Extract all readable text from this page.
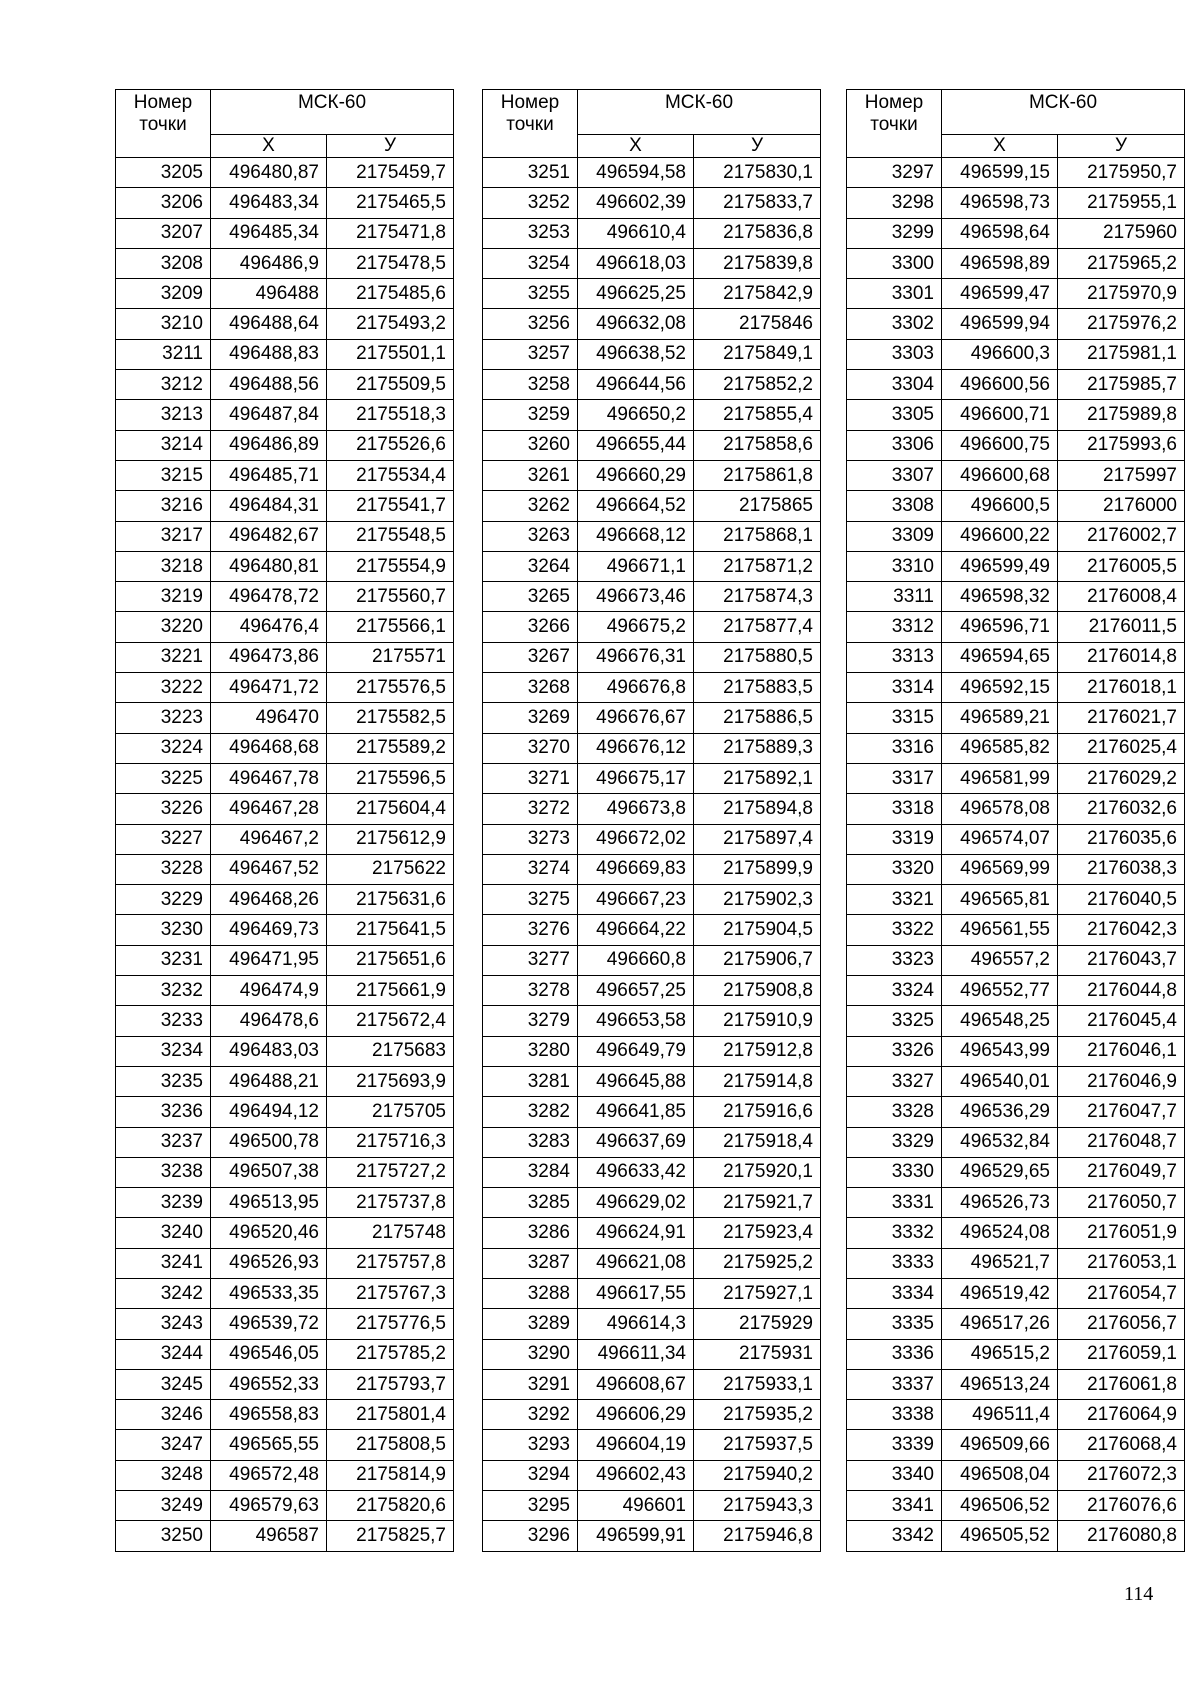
Номер точки	МСК-60	
	Х	У
3205	496480,87	2175459,7
3206	496483,34	2175465,5
3207	496485,34	2175471,8
3208	496486,9	2175478,5
3209	496488	2175485,6
3210	496488,64	2175493,2
3211	496488,83	2175501,1
3212	496488,56	2175509,5
3213	496487,84	2175518,3
3214	496486,89	2175526,6
3215	496485,71	2175534,4
3216	496484,31	2175541,7
3217	496482,67	2175548,5
3218	496480,81	2175554,9
3219	496478,72	2175560,7
3220	496476,4	2175566,1
3221	496473,86	2175571
3222	496471,72	2175576,5
3223	496470	2175582,5
3224	496468,68	2175589,2
3225	496467,78	2175596,5
3226	496467,28	2175604,4
3227	496467,2	2175612,9
3228	496467,52	2175622
3229	496468,26	2175631,6
3230	496469,73	2175641,5
3231	496471,95	2175651,6
3232	496474,9	2175661,9
3233	496478,6	2175672,4
3234	496483,03	2175683
3235	496488,21	2175693,9
3236	496494,12	2175705
3237	496500,78	2175716,3
3238	496507,38	2175727,2
3239	496513,95	2175737,8
3240	496520,46	2175748
3241	496526,93	2175757,8
3242	496533,35	2175767,3
3243	496539,72	2175776,5
3244	496546,05	2175785,2
3245	496552,33	2175793,7
3246	496558,83	2175801,4
3247	496565,55	2175808,5
3248	496572,48	2175814,9
3249	496579,63	2175820,6
3250	496587	2175825,7
Номер точки	МСК-60	
	Х	У
3251	496594,58	2175830,1
3252	496602,39	2175833,7
3253	496610,4	2175836,8
3254	496618,03	2175839,8
3255	496625,25	2175842,9
3256	496632,08	2175846
3257	496638,52	2175849,1
3258	496644,56	2175852,2
3259	496650,2	2175855,4
3260	496655,44	2175858,6
3261	496660,29	2175861,8
3262	496664,52	2175865
3263	496668,12	2175868,1
3264	496671,1	2175871,2
3265	496673,46	2175874,3
3266	496675,2	2175877,4
3267	496676,31	2175880,5
3268	496676,8	2175883,5
3269	496676,67	2175886,5
3270	496676,12	2175889,3
3271	496675,17	2175892,1
3272	496673,8	2175894,8
3273	496672,02	2175897,4
3274	496669,83	2175899,9
3275	496667,23	2175902,3
3276	496664,22	2175904,5
3277	496660,8	2175906,7
3278	496657,25	2175908,8
3279	496653,58	2175910,9
3280	496649,79	2175912,8
3281	496645,88	2175914,8
3282	496641,85	2175916,6
3283	496637,69	2175918,4
3284	496633,42	2175920,1
3285	496629,02	2175921,7
3286	496624,91	2175923,4
3287	496621,08	2175925,2
3288	496617,55	2175927,1
3289	496614,3	2175929
3290	496611,34	2175931
3291	496608,67	2175933,1
3292	496606,29	2175935,2
3293	496604,19	2175937,5
3294	496602,43	2175940,2
3295	496601	2175943,3
3296	496599,91	2175946,8
Номер точки	МСК-60	
	Х	У
3297	496599,15	2175950,7
3298	496598,73	2175955,1
3299	496598,64	2175960
3300	496598,89	2175965,2
3301	496599,47	2175970,9
3302	496599,94	2175976,2
3303	496600,3	2175981,1
3304	496600,56	2175985,7
3305	496600,71	2175989,8
3306	496600,75	2175993,6
3307	496600,68	2175997
3308	496600,5	2176000
3309	496600,22	2176002,7
3310	496599,49	2176005,5
3311	496598,32	2176008,4
3312	496596,71	2176011,5
3313	496594,65	2176014,8
3314	496592,15	2176018,1
3315	496589,21	2176021,7
3316	496585,82	2176025,4
3317	496581,99	2176029,2
3318	496578,08	2176032,6
3319	496574,07	2176035,6
3320	496569,99	2176038,3
3321	496565,81	2176040,5
3322	496561,55	2176042,3
3323	496557,2	2176043,7
3324	496552,77	2176044,8
3325	496548,25	2176045,4
3326	496543,99	2176046,1
3327	496540,01	2176046,9
3328	496536,29	2176047,7
3329	496532,84	2176048,7
3330	496529,65	2176049,7
3331	496526,73	2176050,7
3332	496524,08	2176051,9
3333	496521,7	2176053,1
3334	496519,42	2176054,7
3335	496517,26	2176056,7
3336	496515,2	2176059,1
3337	496513,24	2176061,8
3338	496511,4	2176064,9
3339	496509,66	2176068,4
3340	496508,04	2176072,3
3341	496506,52	2176076,6
3342	496505,52	2176080,8
114
